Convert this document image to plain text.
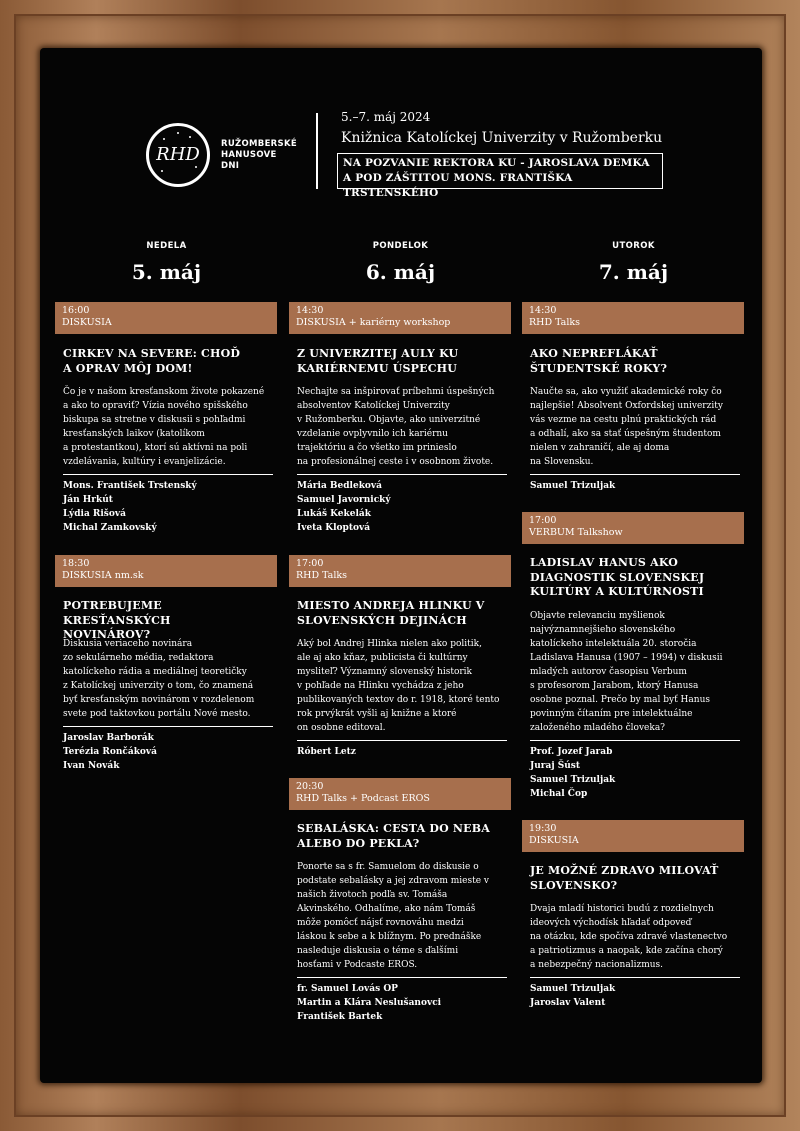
RHD	RUŽOMBERSKÉ
HANUSOVE
DNI
5.–7. máj 2024
Knižnica Katolíckej Univerzity v Ružomberku
NA POZVANIE REKTORA KU - JAROSLAVA DEMKA
A POD ZÁŠTITOU MONS. FRANTIŠKA TRSTENSKÉHO
NEDELA
5. máj
PONDELOK
6. máj
UTOROK
7. máj
16:00
DISKUSIA
CIRKEV NA SEVERE: CHOĎ
A OPRAV MÔJ DOM!
Čo je v našom kresťanskom živote pokazené
a ako to opraviť? Vízia nového spišského
biskupa sa stretne v diskusii s pohľadmi
kresťanských laikov (katolíkom
a protestantkou), ktorí sú aktívni na poli
vzdelávania, kultúry i evanjelizácie.
Mons. František Trstenský
Ján Hrkút
Lýdia Rišová
Michal Zamkovský
18:30
DISKUSIA nm.sk
POTREBUJEME KRESŤANSKÝCH
NOVINÁROV?
Diskusia veriaceho novinára
zo sekulárneho média, redaktora
katolíckeho rádia a mediálnej teoretičky
z Katolíckej univerzity o tom, čo znamená
byť kresťanským novinárom v rozdelenom
svete pod taktovkou portálu Nové mesto.
Jaroslav Barborák
Terézia Rončáková
Ivan Novák
14:30
DISKUSIA + kariérny workshop
Z UNIVERZITEJ AULY KU
KARIÉRNEMU ÚSPECHU
Nechajte sa inšpirovať príbehmi úspešných
absolventov Katolíckej Univerzity
v Ružomberku. Objavte, ako univerzitné
vzdelanie ovplyvnilo ich kariérnu
trajektóriu a čo všetko im prinieslo
na profesionálnej ceste i v osobnom živote.
Mária Bedleková
Samuel Javornický
Lukáš Kekelák
Iveta Kloptová
17:00
RHD Talks
MIESTO ANDREJA HLINKU V
SLOVENSKÝCH DEJINÁCH
Aký bol Andrej Hlinka nielen ako politik,
ale aj ako kňaz, publicista či kultúrny
mysliteľ? Významný slovenský historik
v pohľade na Hlinku vychádza z jeho
publikovaných textov do r. 1918, ktoré tento
rok prvýkrát vyšli aj knižne a ktoré
on osobne editoval.
Róbert Letz
20:30
RHD Talks + Podcast EROS
SEBALÁSKA: CESTA DO NEBA
ALEBO DO PEKLA?
Ponorte sa s fr. Samuelom do diskusie o
podstate sebalásky a jej zdravom mieste v
našich životoch podľa sv. Tomáša
Akvinského. Odhalíme, ako nám Tomáš
môže pomôcť nájsť rovnováhu medzi
láskou k sebe a k blížnym. Po prednáške
nasleduje diskusia o téme s ďalšími
hosťami v Podcaste EROS.
fr. Samuel Lovás OP
Martin a Klára Neslušanovci
František Bartek
14:30
RHD Talks
AKO NEPREFLÁKAŤ
ŠTUDENTSKÉ ROKY?
Naučte sa, ako využiť akademické roky čo
najlepšie! Absolvent Oxfordskej univerzity
vás vezme na cestu plnú praktických rád
a odhalí, ako sa stať úspešným študentom
nielen v zahraničí, ale aj doma
na Slovensku.
Samuel Trizuljak
17:00
VERBUM Talkshow
LADISLAV HANUS AKO
DIAGNOSTIK SLOVENSKEJ
KULTÚRY A KULTÚRNOSTI
Objavte relevanciu myšlienok
najvýznamnejšieho slovenského
katolíckeho intelektuála 20. storočia
Ladislava Hanusa (1907 – 1994) v diskusii
mladých autorov časopisu Verbum
s profesorom Jarabom, ktorý Hanusa
osobne poznal. Prečo by mal byť Hanus
povinným čítaním pre intelektuálne
založeného mladého človeka?
Prof. Jozef Jarab
Juraj Šúst
Samuel Trizuljak
Michal Čop
19:30
DISKUSIA
JE MOŽNÉ ZDRAVO MILOVAŤ
SLOVENSKO?
Dvaja mladí historici budú z rozdielnych
ideových východísk hľadať odpoveď
na otázku, kde spočíva zdravé vlastenectvo
a patriotizmus a naopak, kde začína chorý
a nebezpečný nacionalizmus.
Samuel Trizuljak
Jaroslav Valent
